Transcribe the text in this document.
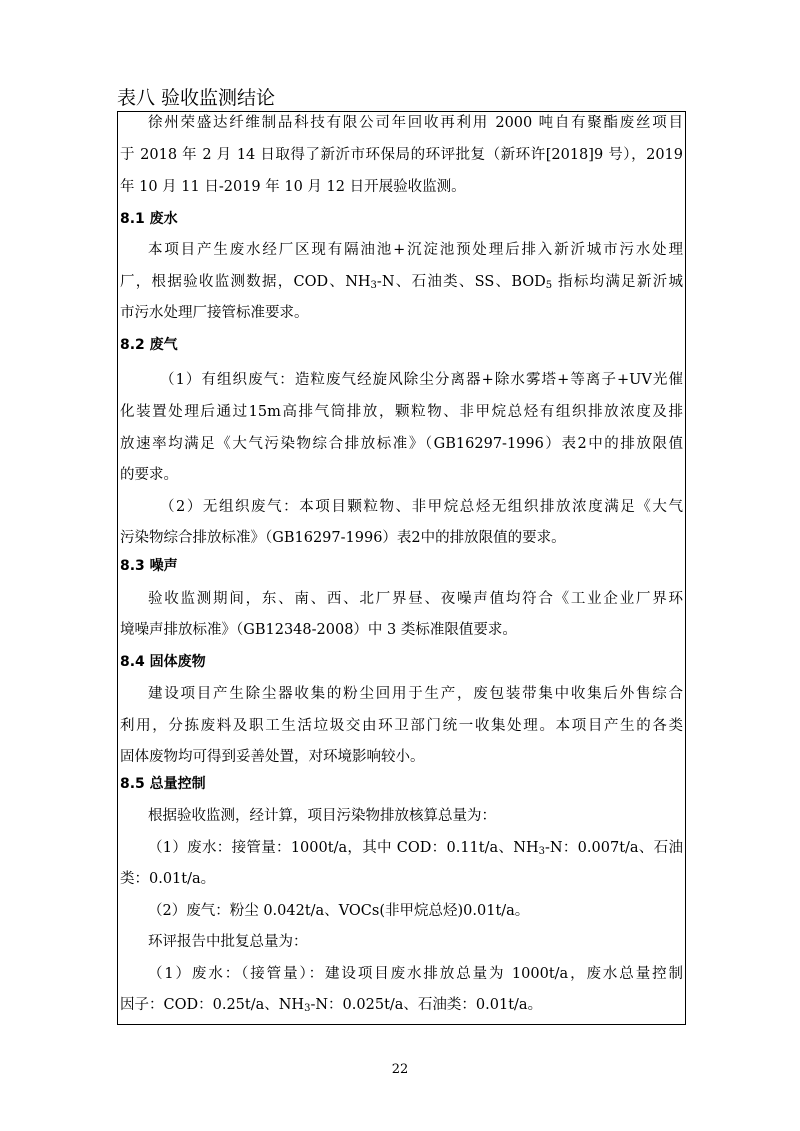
表八 验收监测结论
徐州荣盛达纤维制品科技有限公司年回收再利用 2000 吨自有聚酯废丝项目
于 2018 年 2 月 14 日取得了新沂市环保局的环评批复（新环许[2018]9 号），2019
年 10 月 11 日-2019 年 10 月 12 日开展验收监测。
8.1 废水
本项目产生废水经厂区现有隔油池+沉淀池预处理后排入新沂城市污水处理
厂，根据验收监测数据，COD、$NH_3-N$、石油类、SS、$BOD_5$ 指标均满足新沂城
市污水处理厂接管标准要求。
8.2 废气
（1）有组织废气：造粒废气经旋风除尘分离器+除水雾塔+等离子+UV光催
化装置处理后通过15m高排气筒排放，颗粒物、非甲烷总烃有组织排放浓度及排
放速率均满足《大气污染物综合排放标准》（GB16297-1996）表2中的排放限值
的要求。
（2）无组织废气：本项目颗粒物、非甲烷总烃无组织排放浓度满足《大气
污染物综合排放标准》（GB16297-1996）表2中的排放限值的要求。
8.3 噪声
验收监测期间，东、南、西、北厂界昼、夜噪声值均符合《工业企业厂界环
境噪声排放标准》（GB12348-2008）中 3 类标准限值要求。
8.4 固体废物
建设项目产生除尘器收集的粉尘回用于生产，废包装带集中收集后外售综合
利用，分拣废料及职工生活垃圾交由环卫部门统一收集处理。本项目产生的各类
固体废物均可得到妥善处置，对环境影响较小。
8.5 总量控制
根据验收监测，经计算，项目污染物排放核算总量为：
（1）废水：接管量：1000t/a，其中 COD：0.11t/a、$NH_3-N$：0.007t/a、石油
类：0.01t/a。
（2）废气：粉尘 0.042t/a、VOCs(非甲烷总烃)0.01t/a。
环评报告中批复总量为：
（1）废水：（接管量）：建设项目废水排放总量为 1000t/a，废水总量控制
因子：COD：0.25t/a、$NH_3-N$：0.025t/a、石油类：0.01t/a。
22
